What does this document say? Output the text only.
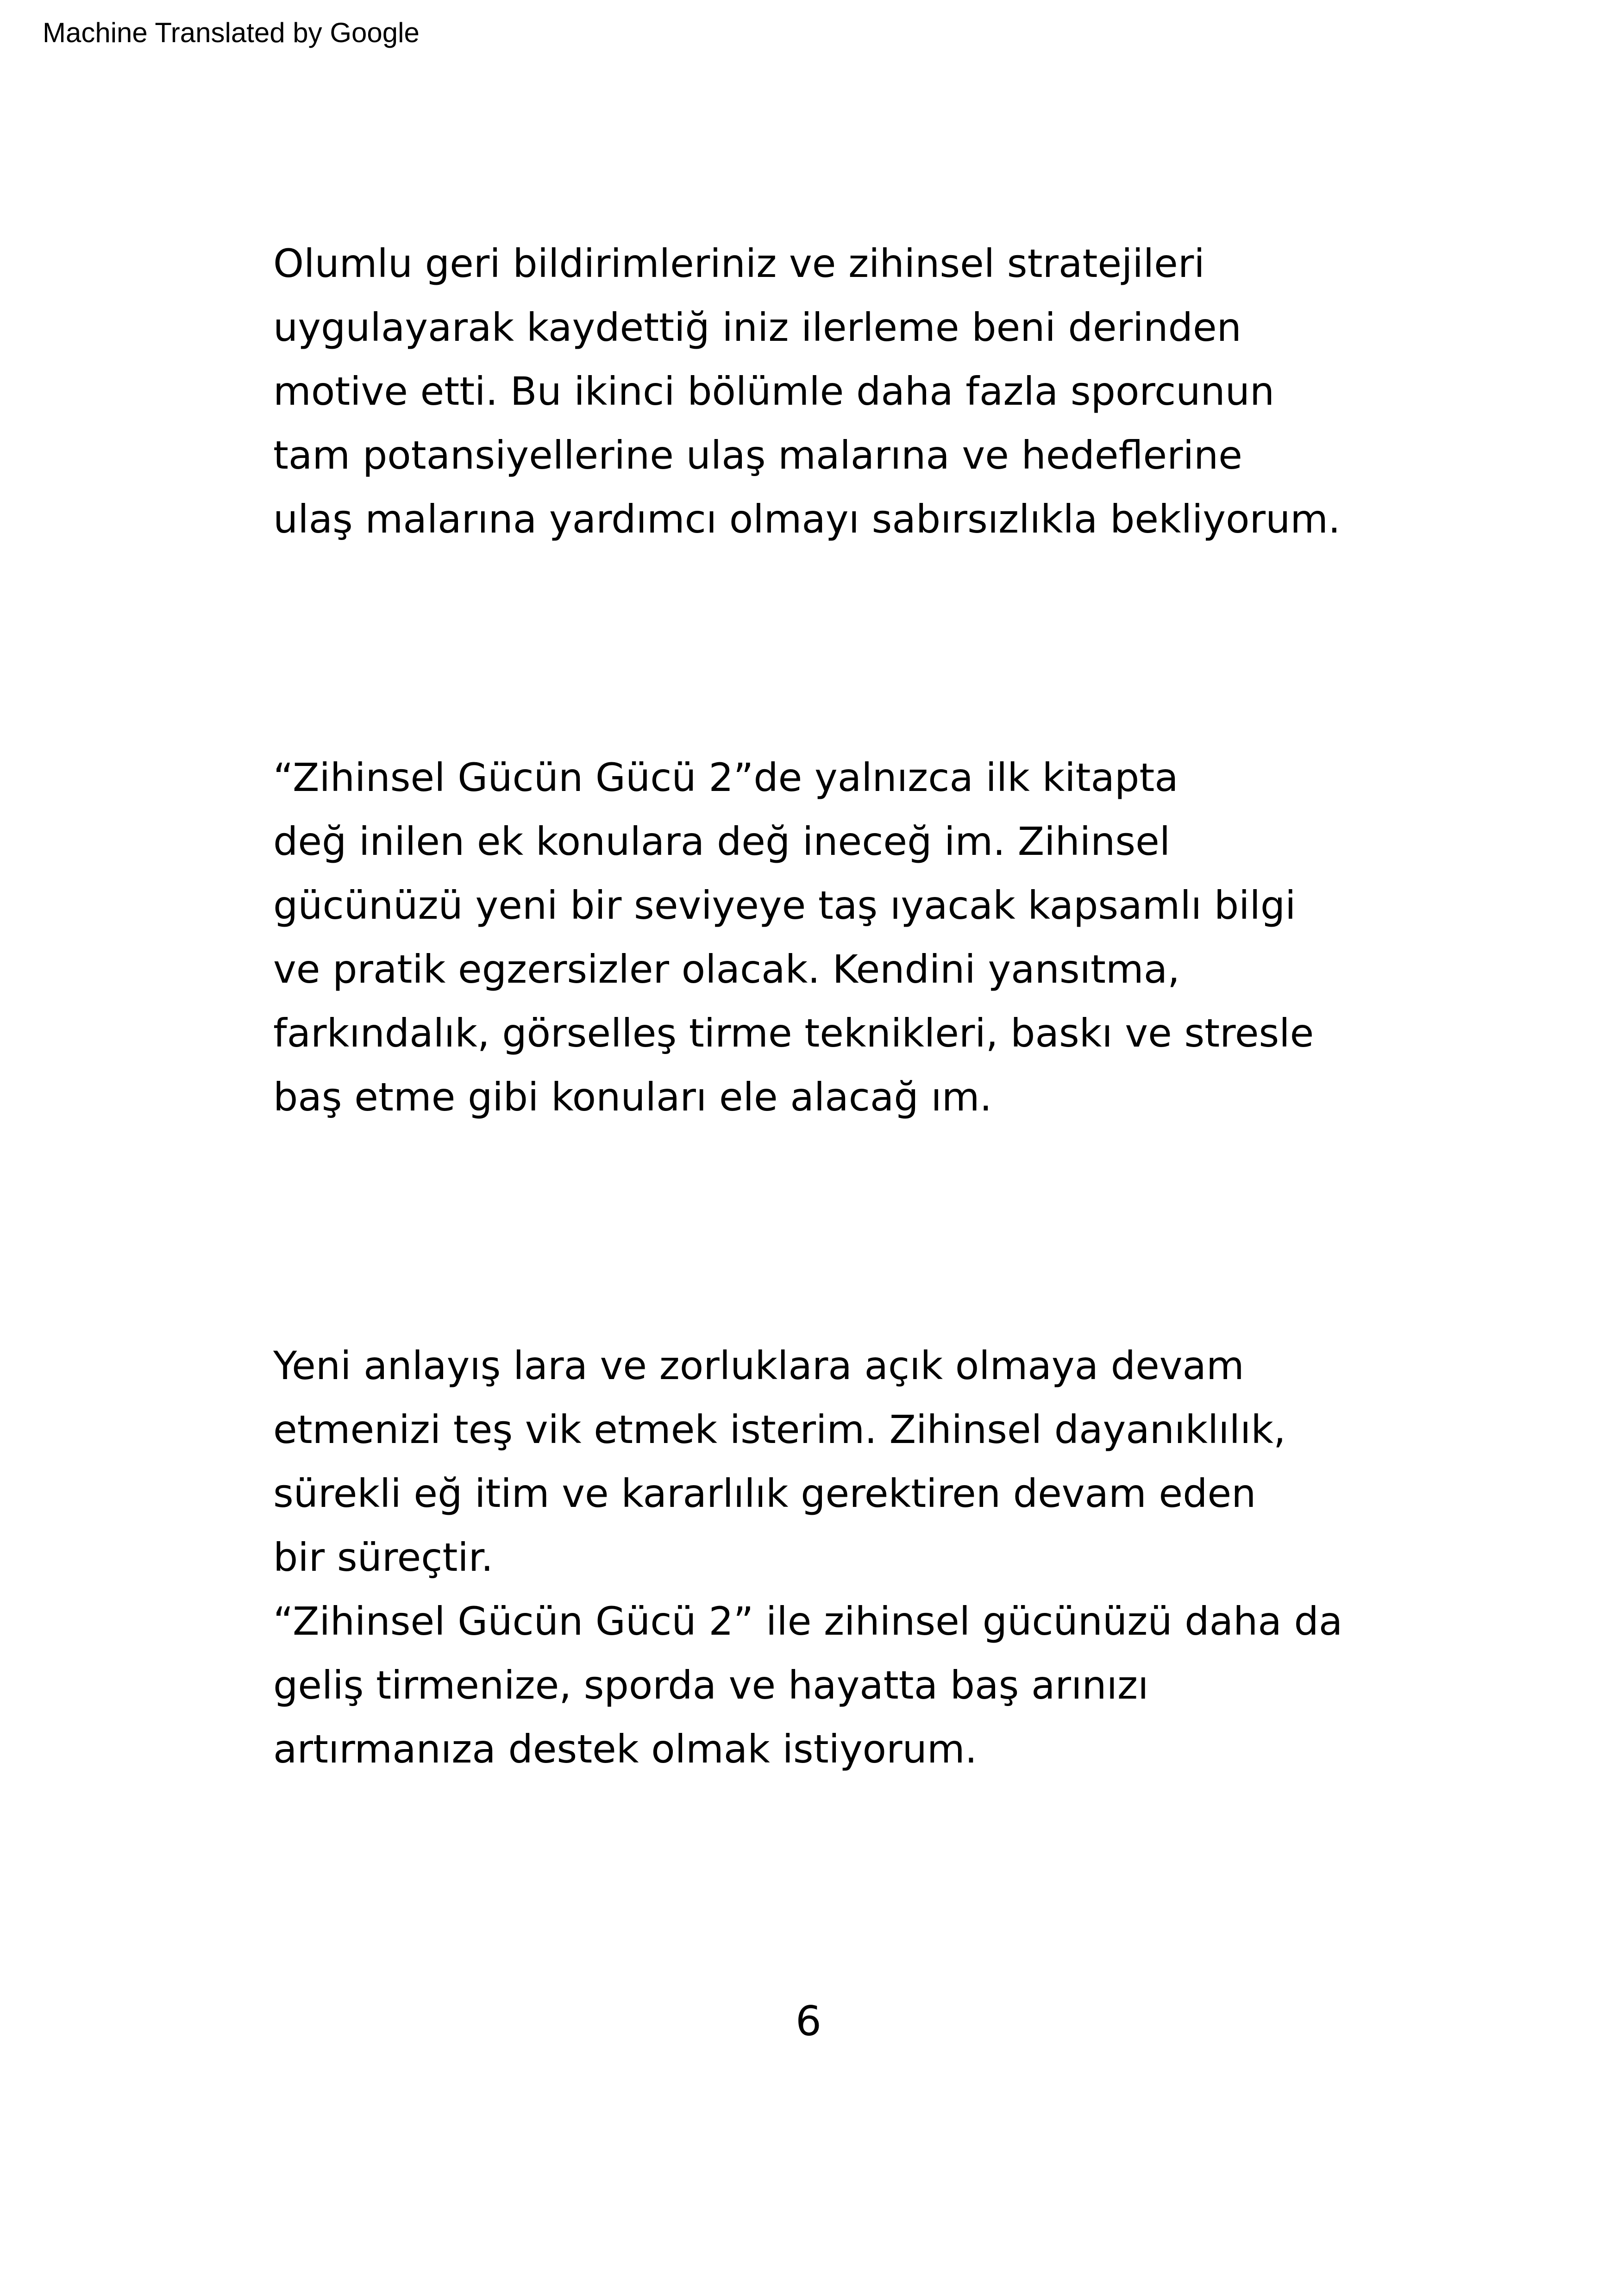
Machine Translated by Google
Olumlu geri bildirimleriniz ve zihinsel stratejileri
uygulayarak kaydettiğ iniz ilerleme beni derinden
motive etti. Bu ikinci bölümle daha fazla sporcunun
tam potansiyellerine ulaş malarına ve hedeflerine
ulaş malarına yardımcı olmayı sabırsızlıkla bekliyorum.
“Zihinsel Gücün Gücü 2”de yalnızca ilk kitapta
değ inilen ek konulara değ ineceğ im. Zihinsel
gücünüzü yeni bir seviyeye taş ıyacak kapsamlı bilgi
ve pratik egzersizler olacak. Kendini yansıtma,
farkındalık, görselleş tirme teknikleri, baskı ve stresle
baş etme gibi konuları ele alacağ ım.
Yeni anlayış lara ve zorluklara açık olmaya devam
etmenizi teş vik etmek isterim. Zihinsel dayanıklılık,
sürekli eğ itim ve kararlılık gerektiren devam eden
bir süreçtir.
“Zihinsel Gücün Gücü 2” ile zihinsel gücünüzü daha da
geliş tirmenize, sporda ve hayatta baş arınızı
artırmanıza destek olmak istiyorum.
6
